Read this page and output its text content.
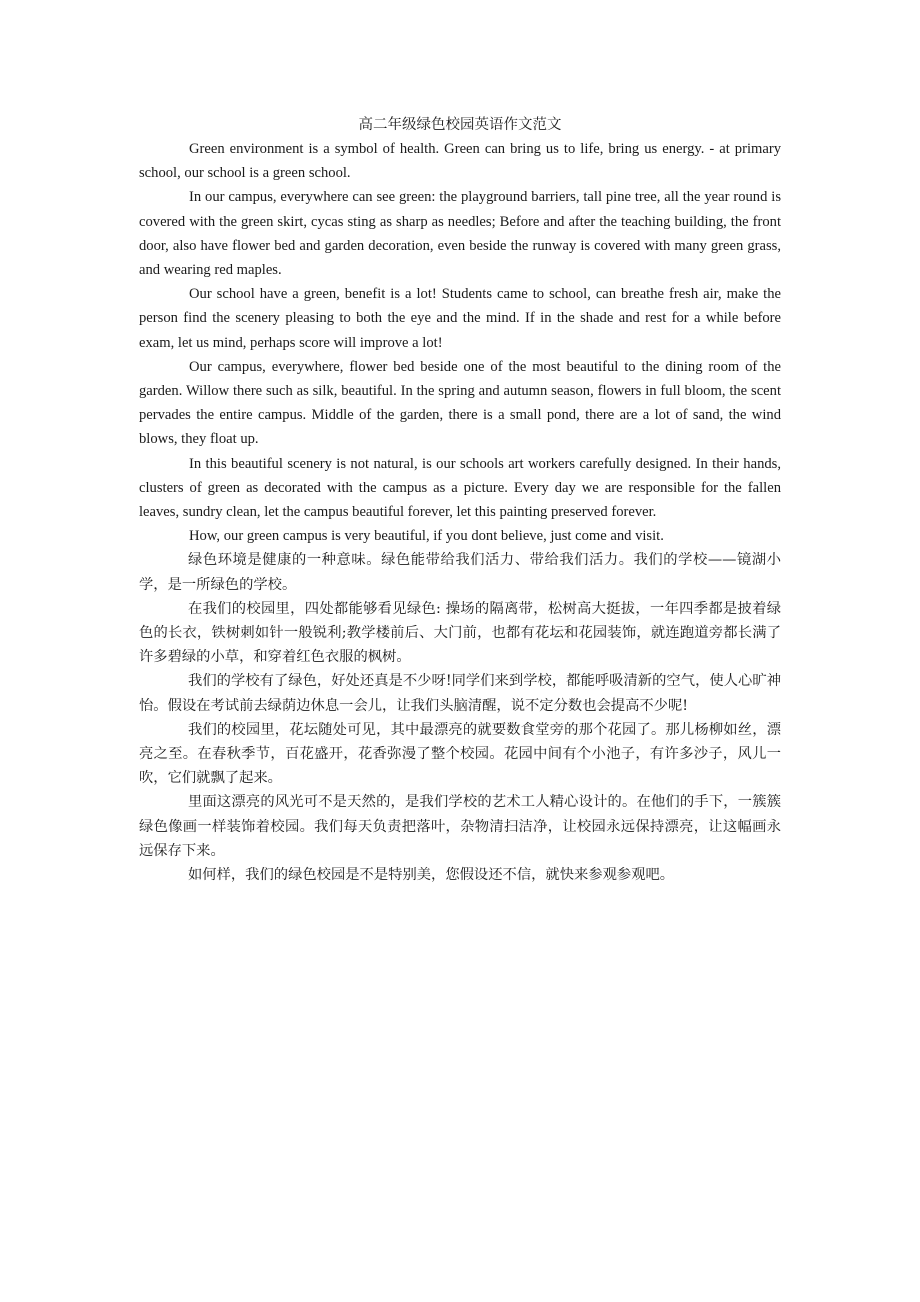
高二年级绿色校园英语作文范文

Green environment is a symbol of health. Green can bring us to life, bring us energy. - at primary school, our school is a green school.

In our campus, everywhere can see green: the playground barriers, tall pine tree, all the year round is covered with the green skirt, cycas sting as sharp as needles; Before and after the teaching building, the front door, also have flower bed and garden decoration, even beside the runway is covered with many green grass, and wearing red maples.

Our school have a green, benefit is a lot! Students came to school, can breathe fresh air, make the person find the scenery pleasing to both the eye and the mind. If in the shade and rest for a while before exam, let us mind, perhaps score will improve a lot!

Our campus, everywhere, flower bed beside one of the most beautiful to the dining room of the garden. Willow there such as silk, beautiful. In the spring and autumn season, flowers in full bloom, the scent pervades the entire campus. Middle of the garden, there is a small pond, there are a lot of sand, the wind blows, they float up.

In this beautiful scenery is not natural, is our schools art workers carefully designed. In their hands, clusters of green as decorated with the campus as a picture. Every day we are responsible for the fallen leaves, sundry clean, let the campus beautiful forever, let this painting preserved forever.

How, our green campus is very beautiful, if you dont believe, just come and visit.

绿色环境是健康的一种意味。绿色能带给我们活力、带给我们活力。我们的学校——镜湖小学，是一所绿色的学校。

在我们的校园里，四处都能够看见绿色: 操场的隔离带，松树高大挺拔，一年四季都是披着绿色的长衣，铁树刺如针一般锐利;教学楼前后、大门前，也都有花坛和花园装饰，就连跑道旁都长满了许多碧绿的小草，和穿着红色衣服的枫树。

我们的学校有了绿色，好处还真是不少呀!同学们来到学校，都能呼吸清新的空气，使人心旷神怡。假设在考试前去绿荫边休息一会儿，让我们头脑清醒，说不定分数也会提高不少呢!

我们的校园里，花坛随处可见，其中最漂亮的就要数食堂旁的那个花园了。那儿杨柳如丝，漂亮之至。在春秋季节，百花盛开，花香弥漫了整个校园。花园中间有个小池子，有许多沙子，风儿一吹，它们就飘了起来。

里面这漂亮的风光可不是天然的，是我们学校的艺术工人精心设计的。在他们的手下，一簇簇绿色像画一样装饰着校园。我们每天负责把落叶，杂物清扫洁净，让校园永远保持漂亮，让这幅画永远保存下来。

如何样，我们的绿色校园是不是特别美，您假设还不信，就快来参观参观吧。
